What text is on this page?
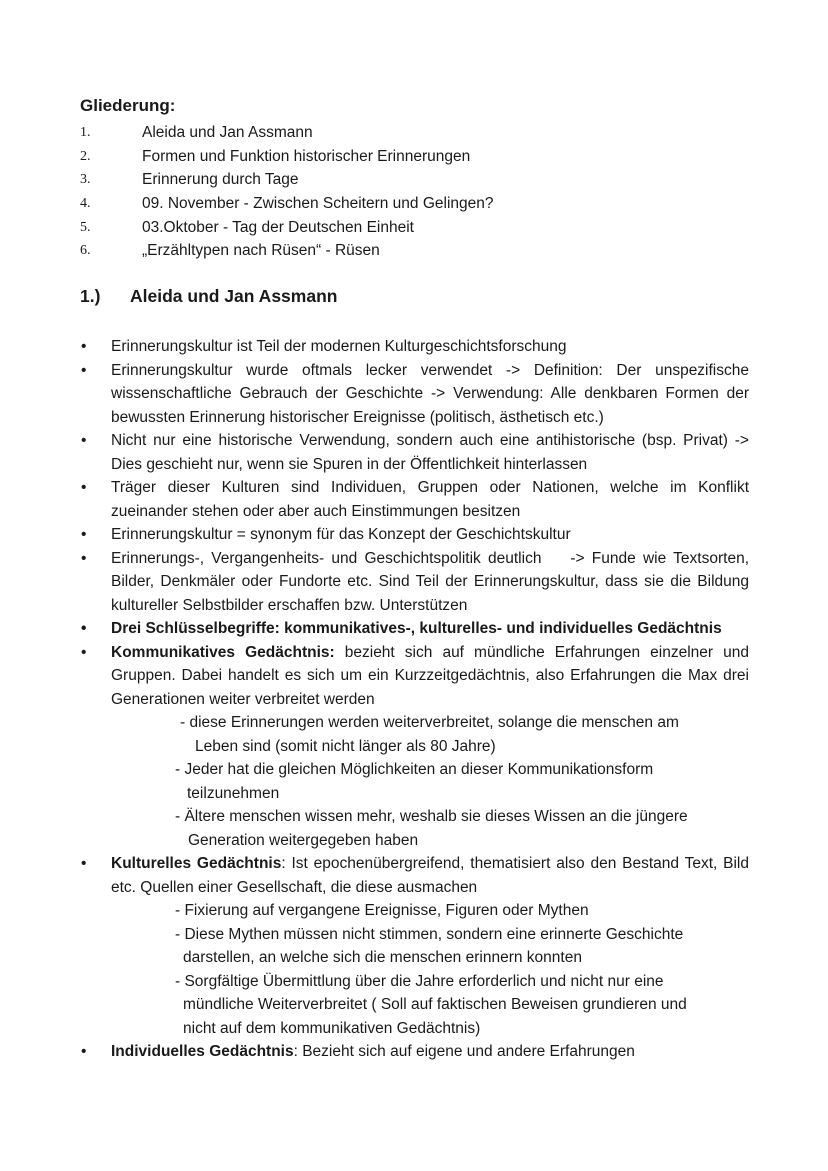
Gliederung:
1.	Aleida und Jan Assmann
2.	Formen und Funktion historischer Erinnerungen
3.	Erinnerung durch Tage
4.	09. November - Zwischen Scheitern und Gelingen?
5.	03.Oktober - Tag der Deutschen Einheit
6.	„Erzähltypen nach Rüsen“ - Rüsen
1.) Aleida und Jan Assmann
• Erinnerungskultur ist Teil der modernen Kulturgeschichtsforschung
• Erinnerungskultur wurde oftmals lecker verwendet -> Definition: Der unspezifische wissenschaftliche Gebrauch der Geschichte -> Verwendung: Alle denkbaren Formen der bewussten Erinnerung historischer Ereignisse (politisch, ästhetisch etc.)
• Nicht nur eine historische Verwendung, sondern auch eine antihistorische (bsp. Privat) -> Dies geschieht nur, wenn sie Spuren in der Öffentlichkeit hinterlassen
• Träger dieser Kulturen sind Individuen, Gruppen oder Nationen, welche im Konflikt zueinander stehen oder aber auch Einstimmungen besitzen
• Erinnerungskultur = synonym für das Konzept der Geschichtskultur
• Erinnerungs-, Vergangenheits- und Geschichtspolitik deutlich    -> Funde wie Textsorten, Bilder, Denkmäler oder Fundorte etc. Sind Teil der Erinnerungskultur, dass sie die Bildung kultureller Selbstbilder erschaffen bzw. Unterstützen
• Drei Schlüsselbegriffe: kommunikatives-, kulturelles- und individuelles Gedächtnis
• Kommunikatives Gedächtnis: bezieht sich auf mündliche Erfahrungen einzelner und Gruppen. Dabei handelt es sich um ein Kurzzeitgedächtnis, also Erfahrungen die Max drei Generationen weiter verbreitet werden
- diese Erinnerungen werden weiterverbreitet, solange die menschen am
Leben sind (somit nicht länger als 80 Jahre)
- Jeder hat die gleichen Möglichkeiten an dieser Kommunikationsform
teilzunehmen
- Ältere menschen wissen mehr, weshalb sie dieses Wissen an die jüngere
Generation weitergegeben haben
• Kulturelles Gedächtnis: Ist epochenübergreifend, thematisiert also den Bestand Text, Bild etc. Quellen einer Gesellschaft, die diese ausmachen
- Fixierung auf vergangene Ereignisse, Figuren oder Mythen
- Diese Mythen müssen nicht stimmen, sondern eine erinnerte Geschichte
darstellen, an welche sich die menschen erinnern konnten
- Sorgfältige Übermittlung über die Jahre erforderlich und nicht nur eine
mündliche Weiterverbreitet ( Soll auf faktischen Beweisen grundieren und
nicht auf dem kommunikativen Gedächtnis)
• Individuelles Gedächtnis: Bezieht sich auf eigene und andere Erfahrungen
